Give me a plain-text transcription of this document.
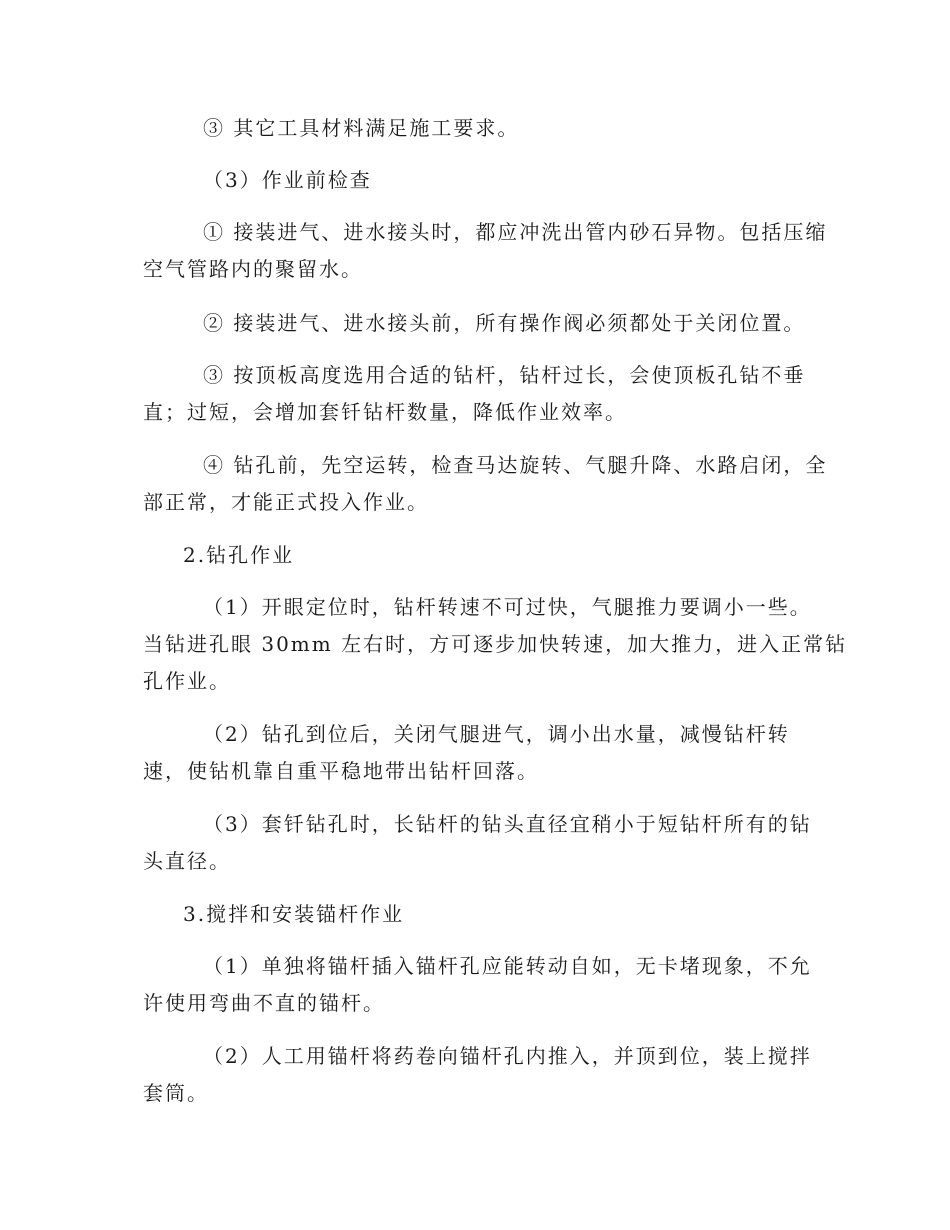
③ 其它工具材料满足施工要求。

（3）作业前检查

① 接装进气、进水接头时，都应冲洗出管内砂石异物。包括压缩
空气管路内的聚留水。

② 接装进气、进水接头前，所有操作阀必须都处于关闭位置。

③ 按顶板高度选用合适的钻杆，钻杆过长，会使顶板孔钻不垂
直；过短，会增加套钎钻杆数量，降低作业效率。

④ 钻孔前，先空运转，检查马达旋转、气腿升降、水路启闭，全
部正常，才能正式投入作业。

2.钻孔作业

（1）开眼定位时，钻杆转速不可过快，气腿推力要调小一些。
当钻进孔眼 30mm 左右时，方可逐步加快转速，加大推力，进入正常钻
孔作业。

（2）钻孔到位后，关闭气腿进气，调小出水量，减慢钻杆转
速，使钻机靠自重平稳地带出钻杆回落。

（3）套钎钻孔时，长钻杆的钻头直径宜稍小于短钻杆所有的钻
头直径。

3.搅拌和安装锚杆作业

（1）单独将锚杆插入锚杆孔应能转动自如，无卡堵现象，不允
许使用弯曲不直的锚杆。

（2）人工用锚杆将药卷向锚杆孔内推入，并顶到位，装上搅拌
套筒。
